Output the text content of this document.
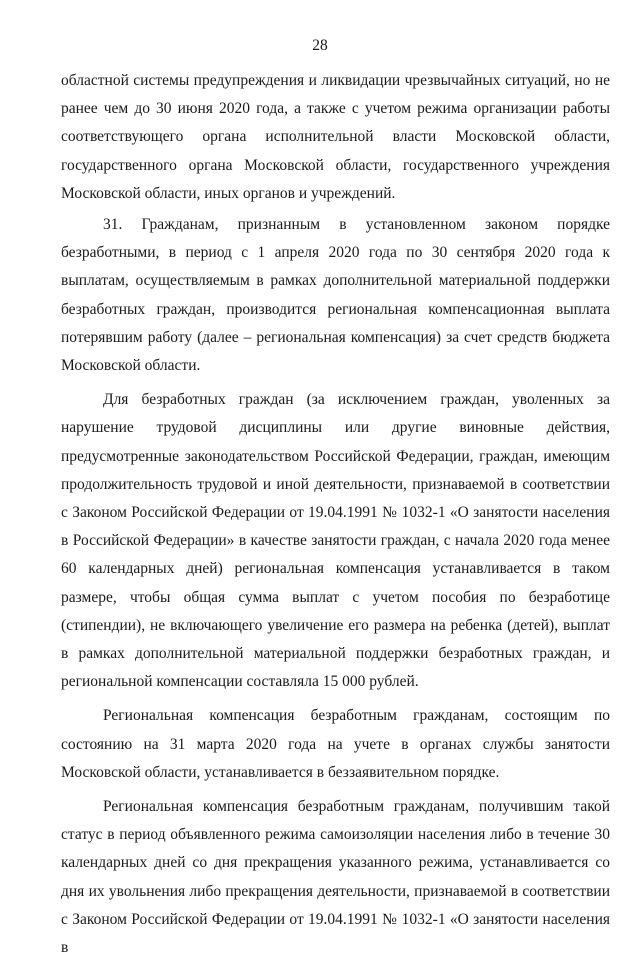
28

областной системы предупреждения и ликвидации чрезвычайных ситуаций, но не ранее чем до 30 июня 2020 года, а также с учетом режима организации работы соответствующего органа исполнительной власти Московской области, государственного органа Московской области, государственного учреждения Московской области, иных органов и учреждений.

31. Гражданам, признанным в установленном законом порядке безработными, в период с 1 апреля 2020 года по 30 сентября 2020 года к выплатам, осуществляемым в рамках дополнительной материальной поддержки безработных граждан, производится региональная компенсационная выплата потерявшим работу (далее – региональная компенсация) за счет средств бюджета Московской области.

Для безработных граждан (за исключением граждан, уволенных за нарушение трудовой дисциплины или другие виновные действия, предусмотренные законодательством Российской Федерации, граждан, имеющим продолжительность трудовой и иной деятельности, признаваемой в соответствии с Законом Российской Федерации от 19.04.1991 № 1032-1 «О занятости населения в Российской Федерации» в качестве занятости граждан, с начала 2020 года менее 60 календарных дней) региональная компенсация устанавливается в таком размере, чтобы общая сумма выплат с учетом пособия по безработице (стипендии), не включающего увеличение его размера на ребенка (детей), выплат в рамках дополнительной материальной поддержки безработных граждан, и региональной компенсации составляла 15 000 рублей.

Региональная компенсация безработным гражданам, состоящим по состоянию на 31 марта 2020 года на учете в органах службы занятости Московской области, устанавливается в беззаявительном порядке.

Региональная компенсация безработным гражданам, получившим такой статус в период объявленного режима самоизоляции населения либо в течение 30 календарных дней со дня прекращения указанного режима, устанавливается со дня их увольнения либо прекращения деятельности, признаваемой в соответствии с Законом Российской Федерации от 19.04.1991 № 1032-1 «О занятости населения в
